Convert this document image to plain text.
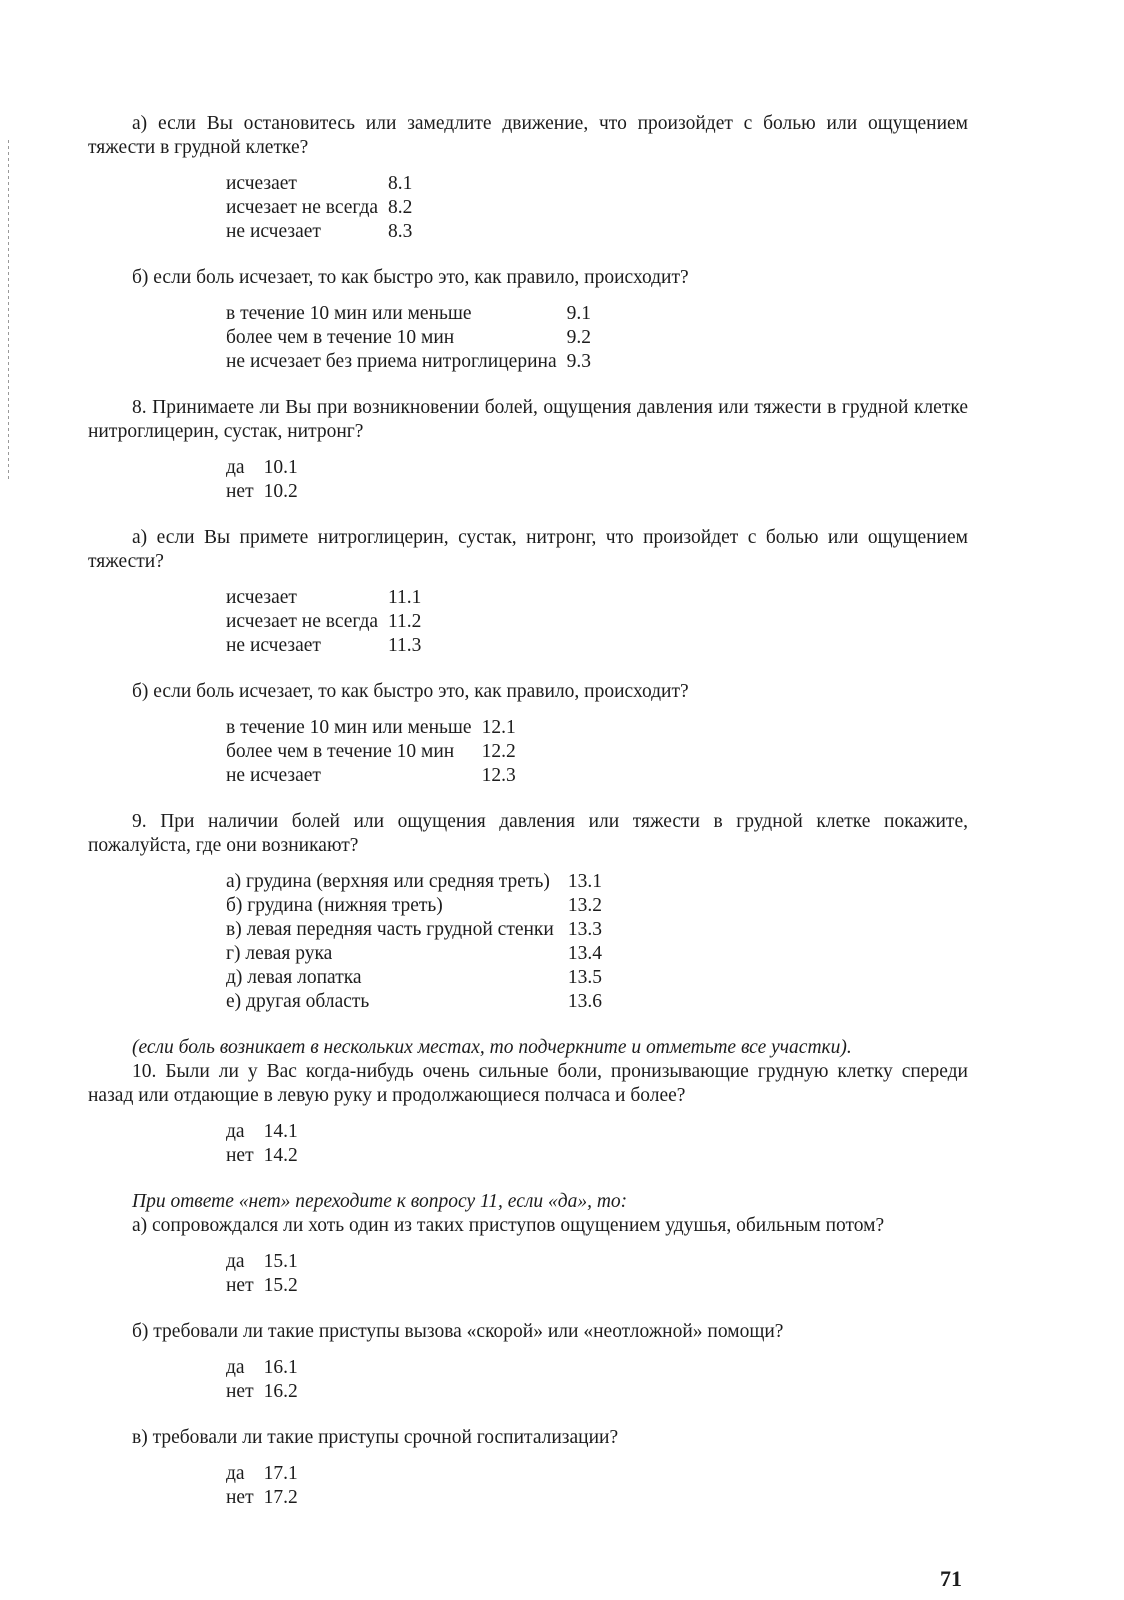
а) если Вы остановитесь или замедлите движение, что произойдет с болью или ощущением тяжести в грудной клетке?

исчезает	8.1
исчезает не всегда	8.2
не исчезает	8.3

б) если боль исчезает, то как быстро это, как правило, происходит?

в течение 10 мин или меньше	9.1
более чем в течение 10 мин	9.2
не исчезает без приема нитроглицерина	9.3

8. Принимаете ли Вы при возникновении болей, ощущения давления или тяжести в грудной клетке нитроглицерин, сустак, нитронг?

да	10.1
нет	10.2

а) если Вы примете нитроглицерин, сустак, нитронг, что произойдет с болью или ощущением тяжести?

исчезает	11.1
исчезает не всегда	11.2
не исчезает	11.3

б) если боль исчезает, то как быстро это, как правило, происходит?

в течение 10 мин или меньше	12.1
более чем в течение 10 мин	12.2
не исчезает	12.3

9. При наличии болей или ощущения давления или тяжести в грудной клетке покажите, пожалуйста, где они возникают?

а) грудина (верхняя или средняя треть)	13.1
б) грудина (нижняя треть)	13.2
в) левая передняя часть грудной стенки	13.3
г) левая рука	13.4
д) левая лопатка	13.5
е) другая область	13.6

(если боль возникает в нескольких местах, то подчеркните и отметьте все участки).

10. Были ли у Вас когда-нибудь очень сильные боли, пронизывающие грудную клетку спереди назад или отдающие в левую руку и продолжающиеся полчаса и более?

да	14.1
нет	14.2

При ответе «нет» переходите к вопросу 11, если «да», то:

а) сопровождался ли хоть один из таких приступов ощущением удушья, обильным потом?

да	15.1
нет	15.2

б) требовали ли такие приступы вызова «скорой» или «неотложной» помощи?

да	16.1
нет	16.2

в) требовали ли такие приступы срочной госпитализации?

да	17.1
нет	17.2
71
